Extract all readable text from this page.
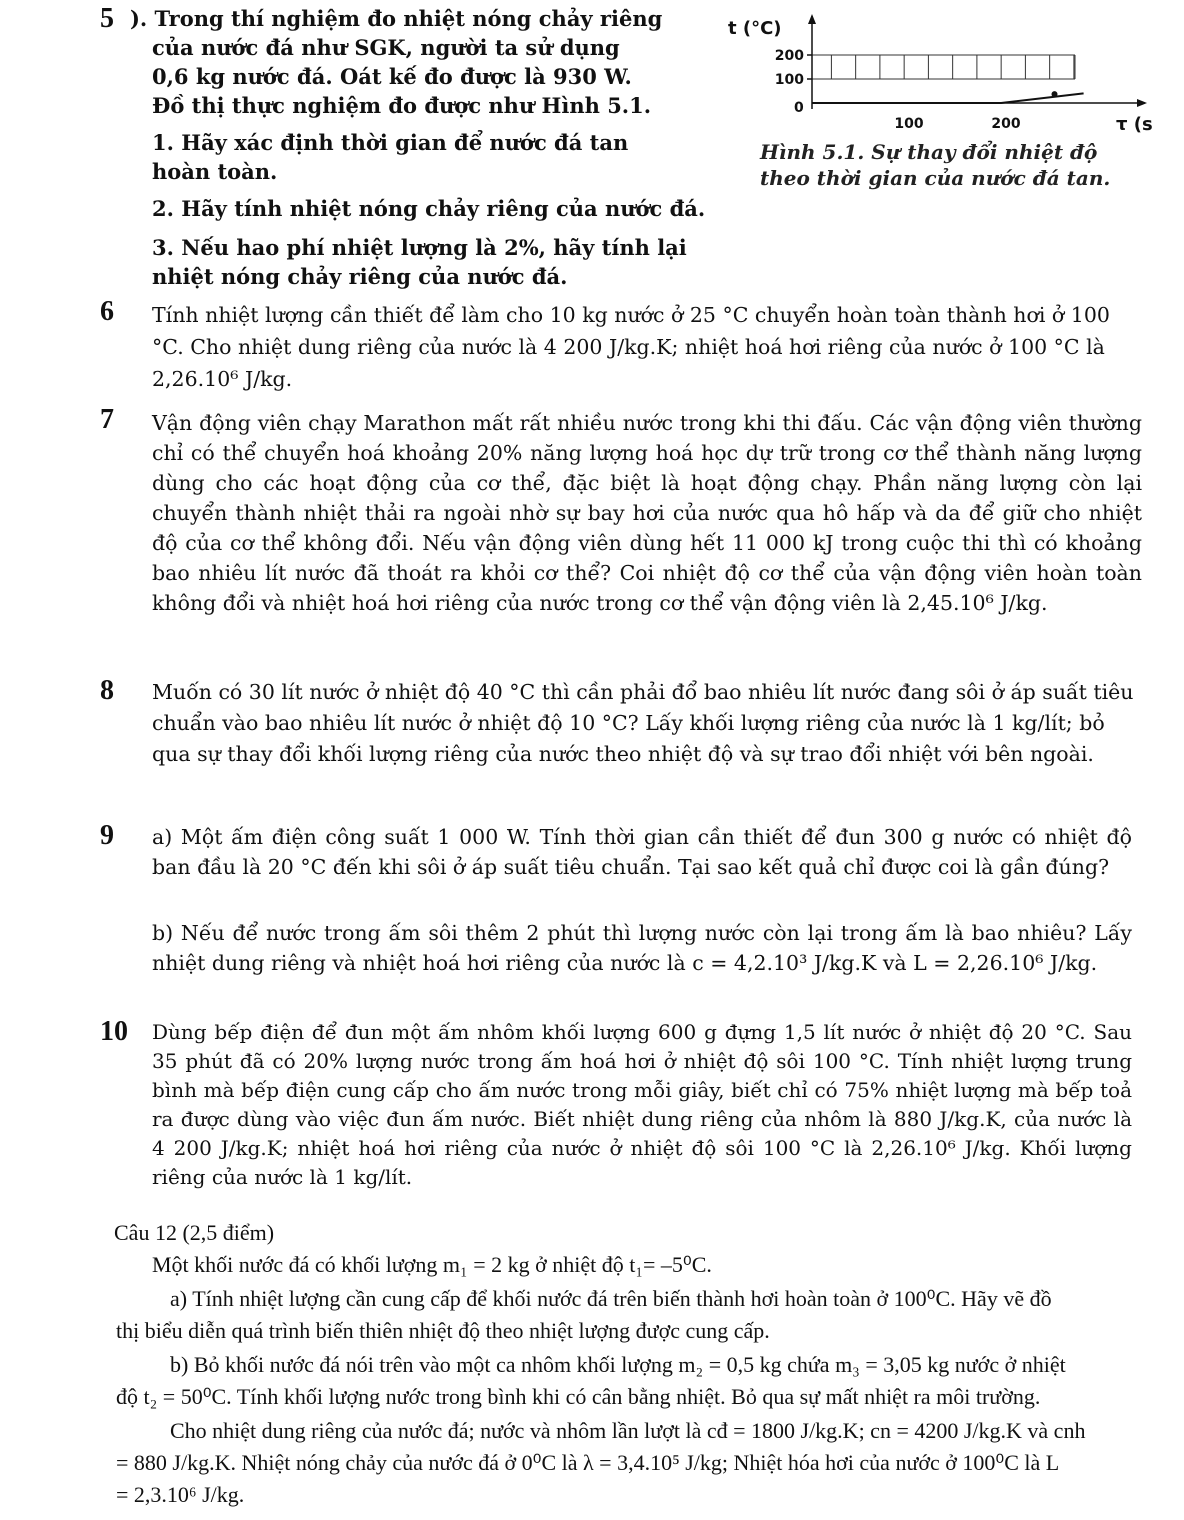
5 ). Trong thí nghiệm đo nhiệt nóng chảy riêng
của nước đá như SGK, người ta sử dụng
0,6 kg nước đá. Oát kế đo được là 930 W.
Đồ thị thực nghiệm đo được như Hình 5.1.
1. Hãy xác định thời gian để nước đá tan
hoàn toàn.
2. Hãy tính nhiệt nóng chảy riêng của nước đá.
3. Nếu hao phí nhiệt lượng là 2%, hãy tính lại
nhiệt nóng chảy riêng của nước đá.
100
200
100	200
t (°C)
τ (s
0
Hình 5.1. Sự thay đổi nhiệt độ
theo thời gian của nước đá tan.
6 Tính nhiệt lượng cần thiết để làm cho 10 kg nước ở 25 °C chuyển hoàn toàn thành hơi ở 100 °C. Cho nhiệt dung riêng của nước là 4 200 J/kg.K; nhiệt hoá hơi riêng của nước ở 100 °C là 2,26.10⁶ J/kg.
7 Vận động viên chạy Marathon mất rất nhiều nước trong khi thi đấu. Các vận động viên thường chỉ có thể chuyển hoá khoảng 20% năng lượng hoá học dự trữ trong cơ thể thành năng lượng dùng cho các hoạt động của cơ thể, đặc biệt là hoạt động chạy. Phần năng lượng còn lại chuyển thành nhiệt thải ra ngoài nhờ sự bay hơi của nước qua hô hấp và da để giữ cho nhiệt độ của cơ thể không đổi. Nếu vận động viên dùng hết 11 000 kJ trong cuộc thi thì có khoảng bao nhiêu lít nước đã thoát ra khỏi cơ thể? Coi nhiệt độ cơ thể của vận động viên hoàn toàn không đổi và nhiệt hoá hơi riêng của nước trong cơ thể vận động viên là 2,45.10⁶ J/kg.
8 Muốn có 30 lít nước ở nhiệt độ 40 °C thì cần phải đổ bao nhiêu lít nước đang sôi ở áp suất tiêu chuẩn vào bao nhiêu lít nước ở nhiệt độ 10 °C? Lấy khối lượng riêng của nước là 1 kg/lít; bỏ qua sự thay đổi khối lượng riêng của nước theo nhiệt độ và sự trao đổi nhiệt với bên ngoài.
9 a) Một ấm điện công suất 1 000 W. Tính thời gian cần thiết để đun 300 g nước có nhiệt độ ban đầu là 20 °C đến khi sôi ở áp suất tiêu chuẩn. Tại sao kết quả chỉ được coi là gần đúng?
b) Nếu để nước trong ấm sôi thêm 2 phút thì lượng nước còn lại trong ấm là bao nhiêu? Lấy nhiệt dung riêng và nhiệt hoá hơi riêng của nước là c = 4,2.10³ J/kg.K và L = 2,26.10⁶ J/kg.
10 Dùng bếp điện để đun một ấm nhôm khối lượng 600 g đựng 1,5 lít nước ở nhiệt độ 20 °C. Sau 35 phút đã có 20% lượng nước trong ấm hoá hơi ở nhiệt độ sôi 100 °C. Tính nhiệt lượng trung bình mà bếp điện cung cấp cho ấm nước trong mỗi giây, biết chỉ có 75% nhiệt lượng mà bếp toả ra được dùng vào việc đun ấm nước. Biết nhiệt dung riêng của nhôm là 880 J/kg.K, của nước là 4 200 J/kg.K; nhiệt hoá hơi riêng của nước ở nhiệt độ sôi 100 °C là 2,26.10⁶ J/kg. Khối lượng riêng của nước là 1 kg/lít.
Câu 12 (2,5 điểm)
Một khối nước đá có khối lượng m₁ = 2 kg ở nhiệt độ t₁= –5⁰C.
a) Tính nhiệt lượng cần cung cấp để khối nước đá trên biến thành hơi hoàn toàn ở 100⁰C. Hãy vẽ đồ
thị biểu diễn quá trình biến thiên nhiệt độ theo nhiệt lượng được cung cấp.
b) Bỏ khối nước đá nói trên vào một ca nhôm khối lượng m₂ = 0,5 kg chứa m₃ = 3,05 kg nước ở nhiệt
độ t₂ = 50⁰C. Tính khối lượng nước trong bình khi có cân bằng nhiệt. Bỏ qua sự mất nhiệt ra môi trường.
Cho nhiệt dung riêng của nước đá; nước và nhôm lần lượt là cđ = 1800 J/kg.K; cn = 4200 J/kg.K và cnh
= 880 J/kg.K. Nhiệt nóng chảy của nước đá ở 0⁰C là λ = 3,4.10⁵ J/kg; Nhiệt hóa hơi của nước ở 100⁰C là L
= 2,3.10⁶ J/kg.
